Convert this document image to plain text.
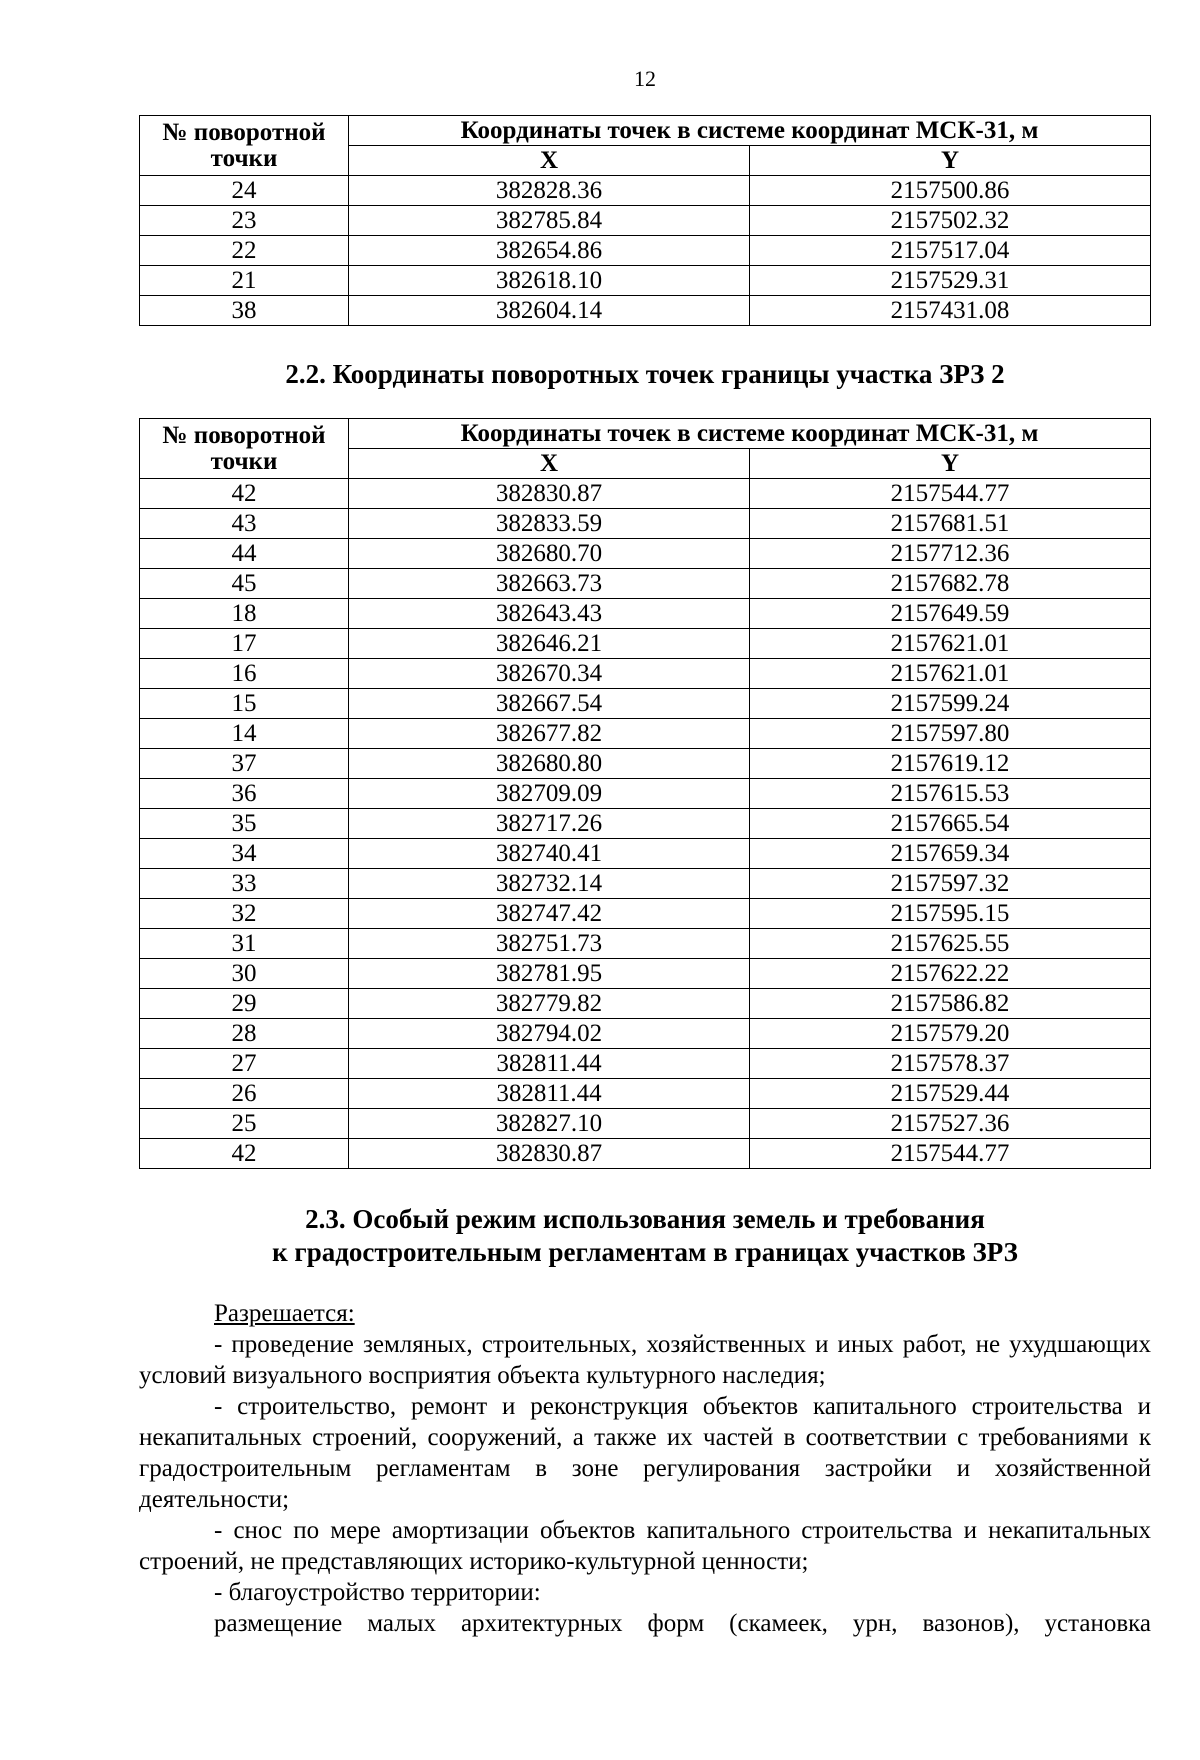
12
№ поворотной точки	Координаты точек в системе координат МСК-31, м	
	X	Y
24	382828.36	2157500.86
23	382785.84	2157502.32
22	382654.86	2157517.04
21	382618.10	2157529.31
38	382604.14	2157431.08
2.2. Координаты поворотных точек границы участка ЗРЗ 2
№ поворотной точки	Координаты точек в системе координат МСК-31, м	
	X	Y
42	382830.87	2157544.77
43	382833.59	2157681.51
44	382680.70	2157712.36
45	382663.73	2157682.78
18	382643.43	2157649.59
17	382646.21	2157621.01
16	382670.34	2157621.01
15	382667.54	2157599.24
14	382677.82	2157597.80
37	382680.80	2157619.12
36	382709.09	2157615.53
35	382717.26	2157665.54
34	382740.41	2157659.34
33	382732.14	2157597.32
32	382747.42	2157595.15
31	382751.73	2157625.55
30	382781.95	2157622.22
29	382779.82	2157586.82
28	382794.02	2157579.20
27	382811.44	2157578.37
26	382811.44	2157529.44
25	382827.10	2157527.36
42	382830.87	2157544.77
2.3. Особый режим использования земель и требования
к градостроительным регламентам в границах участков ЗРЗ

Разрешается:

- проведение земляных, строительных, хозяйственных и иных работ, не ухудшающих условий визуального восприятия объекта культурного наследия;

- строительство, ремонт и реконструкция объектов капитального строительства и некапитальных строений, сооружений, а также их частей в соответствии с требованиями к градостроительным регламентам в зоне регулирования застройки и хозяйственной деятельности;

- снос по мере амортизации объектов капитального строительства и некапитальных строений, не представляющих историко-культурной ценности;

- благоустройство территории:

размещение малых архитектурных форм (скамеек, урн, вазонов), установка
